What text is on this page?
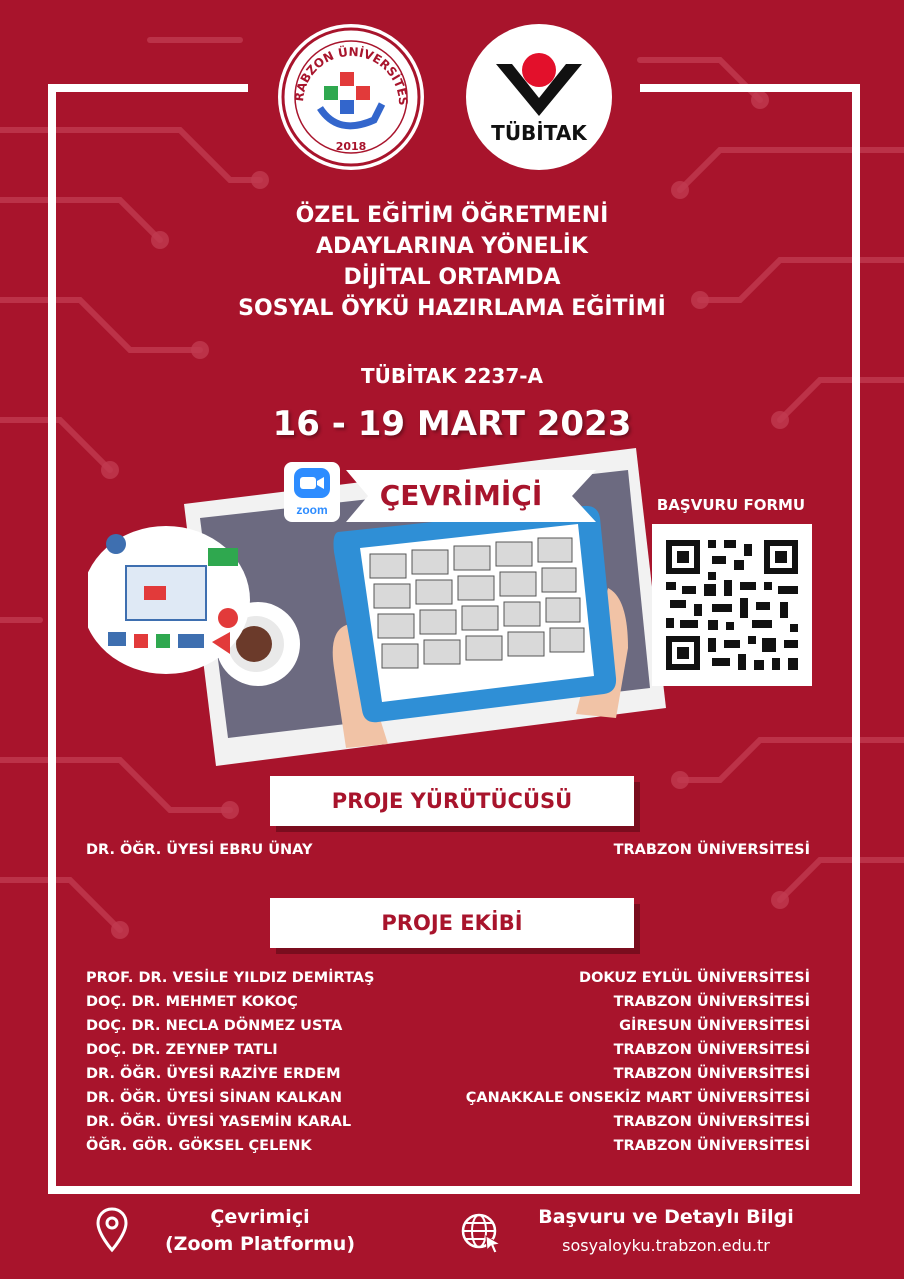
RABZON ÜNİVERSİTES
2018
TÜBİTAK
ÖZEL EĞİTİM ÖĞRETMENİ
ADAYLARINA YÖNELİK
DİJİTAL ORTAMDA
SOSYAL ÖYKÜ HAZIRLAMA EĞİTİMİ
TÜBİTAK 2237-A
16 - 19 MART 2023
ÇEVRİMİÇİ
zoom	BAŞVURU FORMU
PROJE YÜRÜTÜCÜSÜ
DR. ÖĞR. ÜYESİ EBRU ÜNAY	TRABZON ÜNİVERSİTESİ
PROJE EKİBİ
PROF. DR. VESİLE YILDIZ DEMİRTAŞ	DOKUZ EYLÜL ÜNİVERSİTESİ
DOÇ. DR. MEHMET KOKOÇ	TRABZON ÜNİVERSİTESİ
DOÇ. DR. NECLA DÖNMEZ USTA	GİRESUN ÜNİVERSİTESİ
DOÇ. DR. ZEYNEP TATLI	TRABZON ÜNİVERSİTESİ
DR. ÖĞR. ÜYESİ RAZİYE ERDEM	TRABZON ÜNİVERSİTESİ
DR. ÖĞR. ÜYESİ SİNAN KALKAN	ÇANAKKALE ONSEKİZ MART ÜNİVERSİTESİ
DR. ÖĞR. ÜYESİ YASEMİN KARAL	TRABZON ÜNİVERSİTESİ
ÖĞR. GÖR. GÖKSEL ÇELENK	TRABZON ÜNİVERSİTESİ
Çevrimiçi
(Zoom Platformu)
Başvuru ve Detaylı Bilgi
sosyaloyku.trabzon.edu.tr
